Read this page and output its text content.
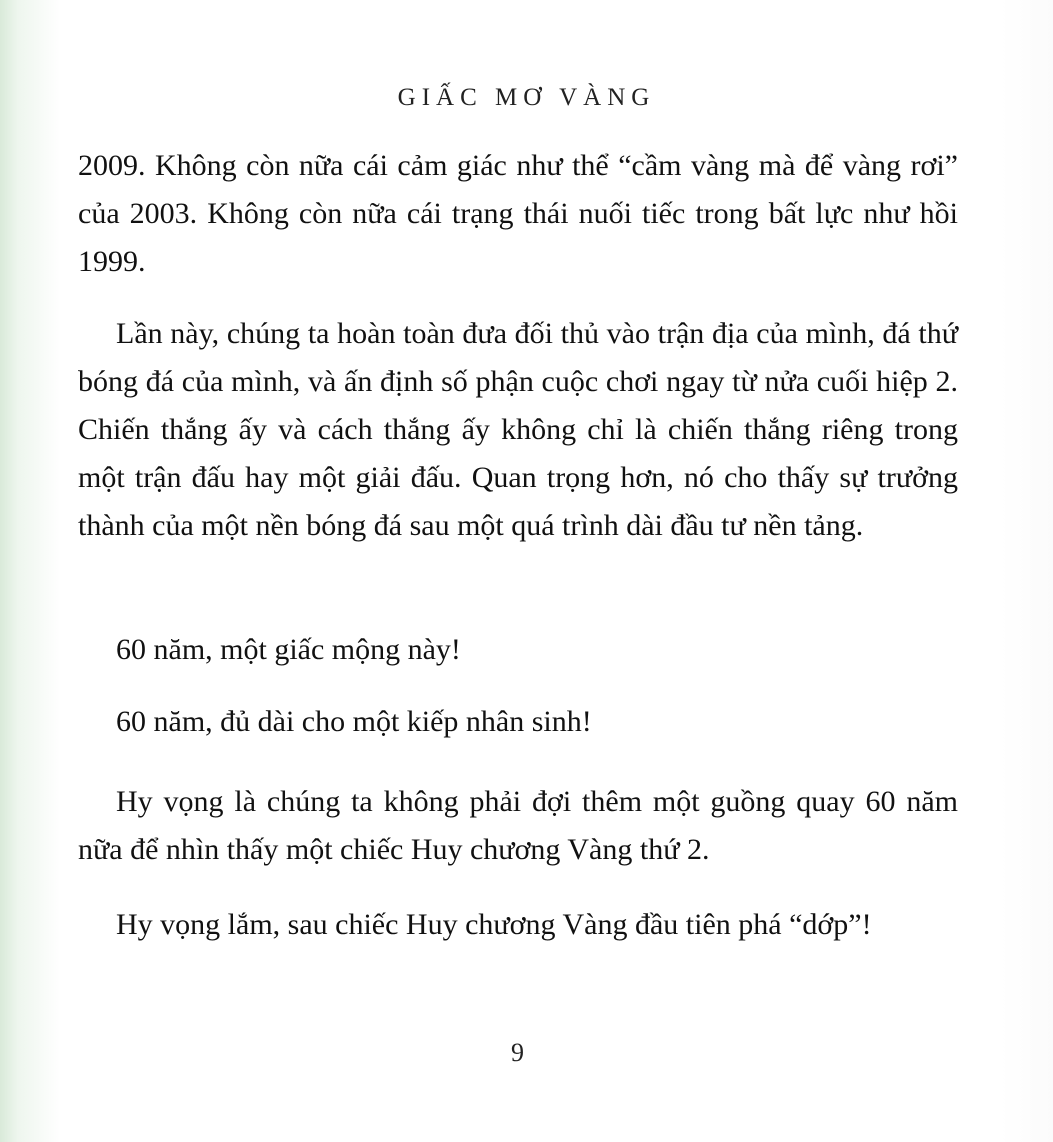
GIẤC MƠ VÀNG

2009. Không còn nữa cái cảm giác như thể “cầm vàng mà để vàng rơi” của 2003. Không còn nữa cái trạng thái nuối tiếc trong bất lực như hồi 1999.

Lần này, chúng ta hoàn toàn đưa đối thủ vào trận địa của mình, đá thứ bóng đá của mình, và ấn định số phận cuộc chơi ngay từ nửa cuối hiệp 2. Chiến thắng ấy và cách thắng ấy không chỉ là chiến thắng riêng trong một trận đấu hay một giải đấu. Quan trọng hơn, nó cho thấy sự trưởng thành của một nền bóng đá sau một quá trình dài đầu tư nền tảng.

60 năm, một giấc mộng này!

60 năm, đủ dài cho một kiếp nhân sinh!

Hy vọng là chúng ta không phải đợi thêm một guồng quay 60 năm nữa để nhìn thấy một chiếc Huy chương Vàng thứ 2.

Hy vọng lắm, sau chiếc Huy chương Vàng đầu tiên phá “dớp”!

9
